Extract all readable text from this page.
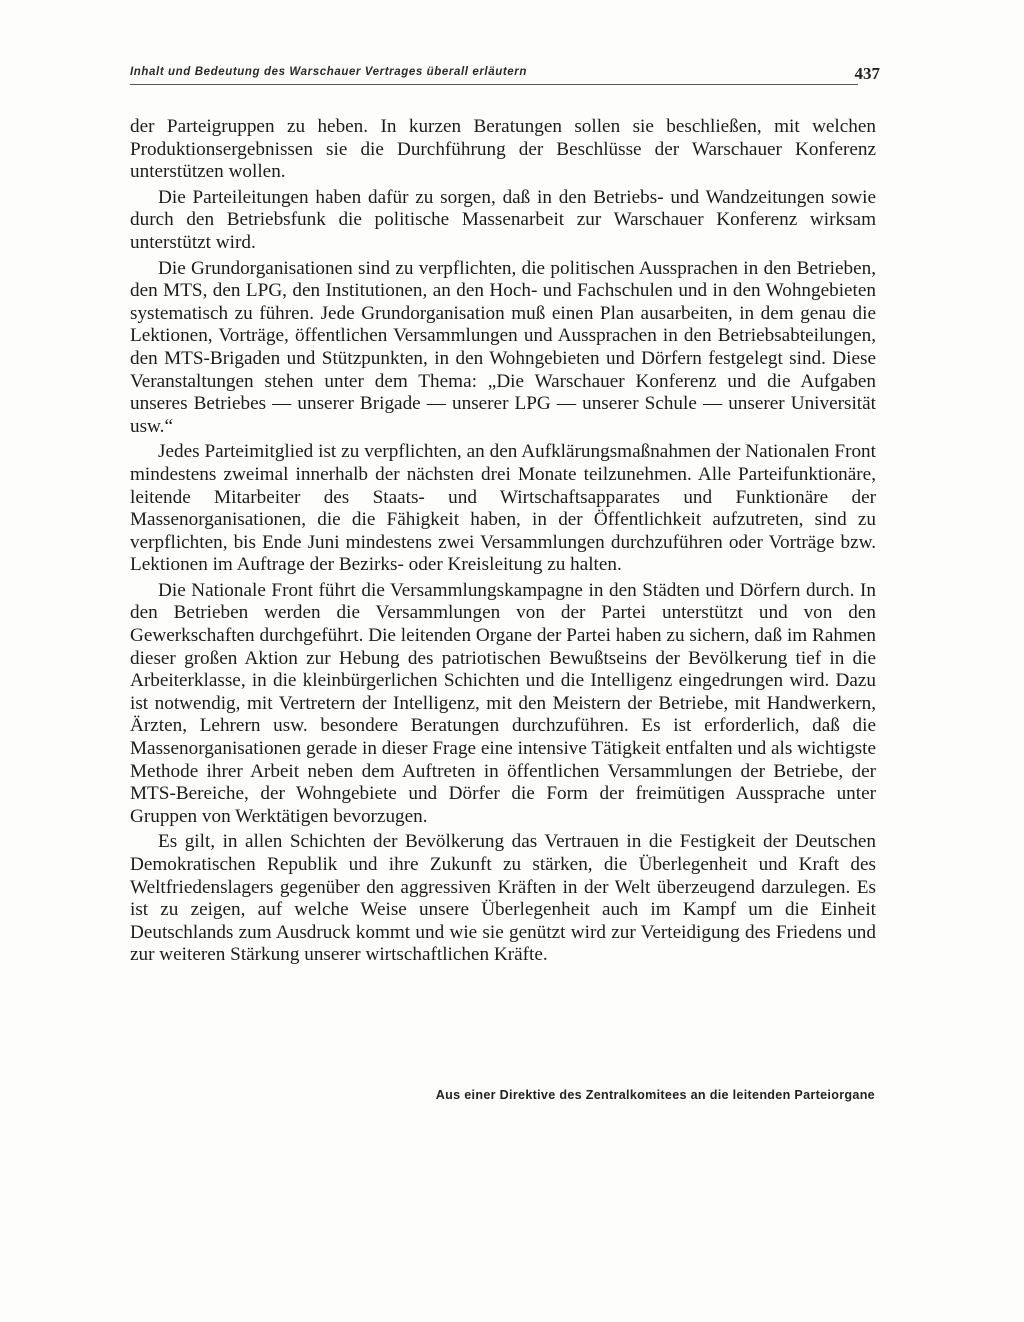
Inhalt und Bedeutung des Warschauer Vertrages überall erläutern	437

der Parteigruppen zu heben. In kurzen Beratungen sollen sie beschließen, mit welchen Produktionsergebnissen sie die Durchführung der Beschlüsse der Warschauer Konferenz unterstützen wollen.

Die Parteileitungen haben dafür zu sorgen, daß in den Betriebs- und Wandzeitungen sowie durch den Betriebsfunk die politische Massenarbeit zur Warschauer Konferenz wirksam unterstützt wird.

Die Grundorganisationen sind zu verpflichten, die politischen Aussprachen in den Betrieben, den MTS, den LPG, den Institutionen, an den Hoch- und Fachschulen und in den Wohngebieten systematisch zu führen. Jede Grundorganisation muß einen Plan ausarbeiten, in dem genau die Lektionen, Vorträge, öffentlichen Versammlungen und Aussprachen in den Betriebsabteilungen, den MTS-Brigaden und Stützpunkten, in den Wohngebieten und Dörfern festgelegt sind. Diese Veranstaltungen stehen unter dem Thema: „Die Warschauer Konferenz und die Aufgaben unseres Betriebes — unserer Brigade — unserer LPG — unserer Schule — unserer Universität usw.“

Jedes Parteimitglied ist zu verpflichten, an den Aufklärungsmaßnahmen der Nationalen Front mindestens zweimal innerhalb der nächsten drei Monate teilzunehmen. Alle Parteifunktionäre, leitende Mitarbeiter des Staats- und Wirtschaftsapparates und Funktionäre der Massenorganisationen, die die Fähigkeit haben, in der Öffentlichkeit aufzutreten, sind zu verpflichten, bis Ende Juni mindestens zwei Versammlungen durchzuführen oder Vorträge bzw. Lektionen im Auftrage der Bezirks- oder Kreisleitung zu halten.

Die Nationale Front führt die Versammlungskampagne in den Städten und Dörfern durch. In den Betrieben werden die Versammlungen von der Partei unterstützt und von den Gewerkschaften durchgeführt. Die leitenden Organe der Partei haben zu sichern, daß im Rahmen dieser großen Aktion zur Hebung des patriotischen Bewußtseins der Bevölkerung tief in die Arbeiterklasse, in die kleinbürgerlichen Schichten und die Intelligenz eingedrungen wird. Dazu ist notwendig, mit Vertretern der Intelligenz, mit den Meistern der Betriebe, mit Handwerkern, Ärzten, Lehrern usw. besondere Beratungen durchzuführen. Es ist erforderlich, daß die Massenorganisationen gerade in dieser Frage eine intensive Tätigkeit entfalten und als wichtigste Methode ihrer Arbeit neben dem Auftreten in öffentlichen Versammlungen der Betriebe, der MTS-Bereiche, der Wohngebiete und Dörfer die Form der freimütigen Aussprache unter Gruppen von Werktätigen bevorzugen.

Es gilt, in allen Schichten der Bevölkerung das Vertrauen in die Festigkeit der Deutschen Demokratischen Republik und ihre Zukunft zu stärken, die Überlegenheit und Kraft des Weltfriedenslagers gegenüber den aggressiven Kräften in der Welt überzeugend darzulegen. Es ist zu zeigen, auf welche Weise unsere Überlegenheit auch im Kampf um die Einheit Deutschlands zum Ausdruck kommt und wie sie genützt wird zur Verteidigung des Friedens und zur weiteren Stärkung unserer wirtschaftlichen Kräfte.

Aus einer Direktive des Zentralkomitees an die leitenden Parteiorgane
